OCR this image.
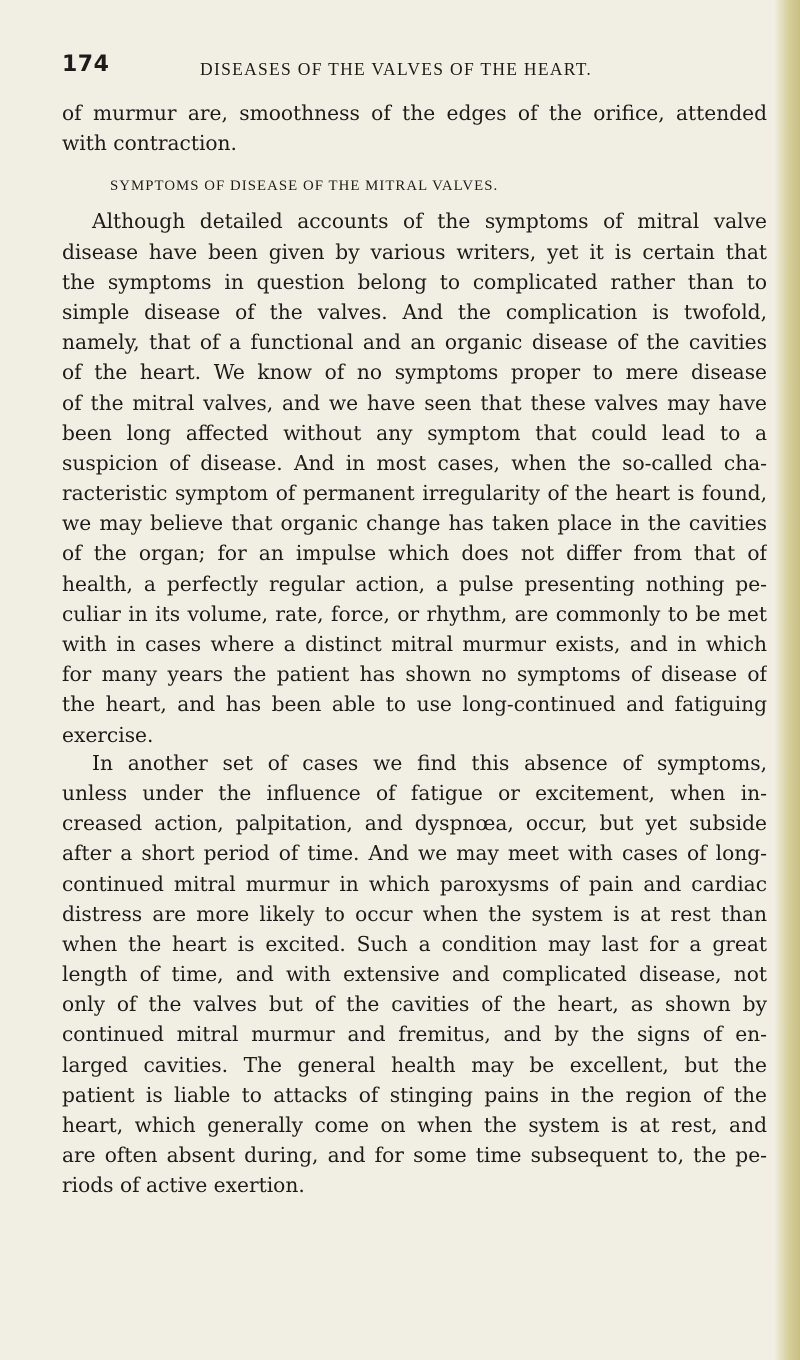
174	DISEASES OF THE VALVES OF THE HEART.
of murmur are, smoothness of the edges of the orifice, attended
with contraction.
SYMPTOMS OF DISEASE OF THE MITRAL VALVES.
Although detailed accounts of the symptoms of mitral valve
disease have been given by various writers, yet it is certain that
the symptoms in question belong to complicated rather than to
simple disease of the valves. And the complication is twofold,
namely, that of a functional and an organic disease of the cavities
of the heart. We know of no symptoms proper to mere disease
of the mitral valves, and we have seen that these valves may have
been long affected without any symptom that could lead to a
suspicion of disease. And in most cases, when the so-called cha-
racteristic symptom of permanent irregularity of the heart is found,
we may believe that organic change has taken place in the cavities
of the organ; for an impulse which does not differ from that of
health, a perfectly regular action, a pulse presenting nothing pe-
culiar in its volume, rate, force, or rhythm, are commonly to be met
with in cases where a distinct mitral murmur exists, and in which
for many years the patient has shown no symptoms of disease of
the heart, and has been able to use long-continued and fatiguing
exercise.
In another set of cases we find this absence of symptoms,
unless under the influence of fatigue or excitement, when in-
creased action, palpitation, and dyspnœa, occur, but yet subside
after a short period of time. And we may meet with cases of long-
continued mitral murmur in which paroxysms of pain and cardiac
distress are more likely to occur when the system is at rest than
when the heart is excited. Such a condition may last for a great
length of time, and with extensive and complicated disease, not
only of the valves but of the cavities of the heart, as shown by
continued mitral murmur and fremitus, and by the signs of en-
larged cavities. The general health may be excellent, but the
patient is liable to attacks of stinging pains in the region of the
heart, which generally come on when the system is at rest, and
are often absent during, and for some time subsequent to, the pe-
riods of active exertion.
